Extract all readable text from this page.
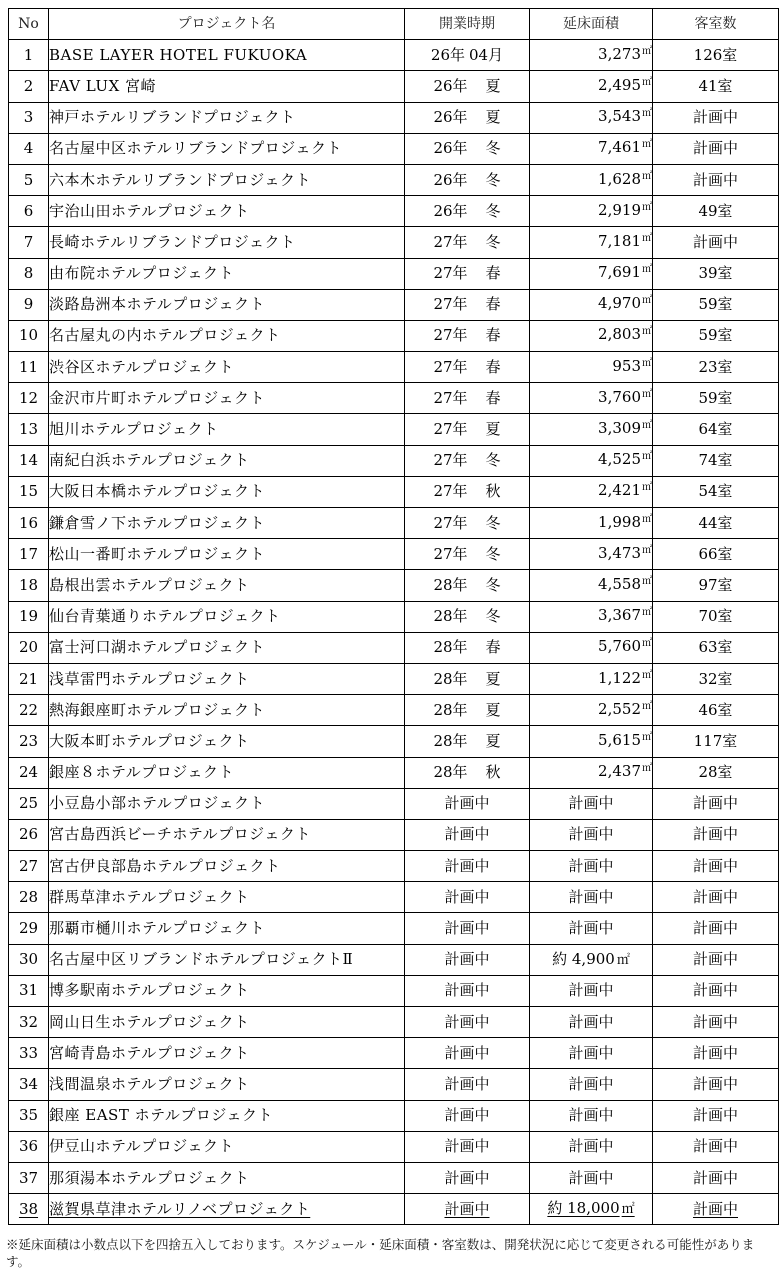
No	プロジェクト名	開業時期	延床面積	客室数
1	BASE LAYER HOTEL FUKUOKA	26年 04月	3,273㎡	126室
2	FAV LUX 宮崎	26年 夏	2,495㎡	41室
3	神戸ホテルリブランドプロジェクト	26年 夏	3,543㎡	計画中
4	名古屋中区ホテルリブランドプロジェクト	26年 冬	7,461㎡	計画中
5	六本木ホテルリブランドプロジェクト	26年 冬	1,628㎡	計画中
6	宇治山田ホテルプロジェクト	26年 冬	2,919㎡	49室
7	長崎ホテルリブランドプロジェクト	27年 冬	7,181㎡	計画中
8	由布院ホテルプロジェクト	27年 春	7,691㎡	39室
9	淡路島洲本ホテルプロジェクト	27年 春	4,970㎡	59室
10	名古屋丸の内ホテルプロジェクト	27年 春	2,803㎡	59室
11	渋谷区ホテルプロジェクト	27年 春	953㎡	23室
12	金沢市片町ホテルプロジェクト	27年 春	3,760㎡	59室
13	旭川ホテルプロジェクト	27年 夏	3,309㎡	64室
14	南紀白浜ホテルプロジェクト	27年 冬	4,525㎡	74室
15	大阪日本橋ホテルプロジェクト	27年 秋	2,421㎡	54室
16	鎌倉雪ノ下ホテルプロジェクト	27年 冬	1,998㎡	44室
17	松山一番町ホテルプロジェクト	27年 冬	3,473㎡	66室
18	島根出雲ホテルプロジェクト	28年 冬	4,558㎡	97室
19	仙台青葉通りホテルプロジェクト	28年 冬	3,367㎡	70室
20	富士河口湖ホテルプロジェクト	28年 春	5,760㎡	63室
21	浅草雷門ホテルプロジェクト	28年 夏	1,122㎡	32室
22	熱海銀座町ホテルプロジェクト	28年 夏	2,552㎡	46室
23	大阪本町ホテルプロジェクト	28年 夏	5,615㎡	117室
24	銀座８ホテルプロジェクト	28年 秋	2,437㎡	28室
25	小豆島小部ホテルプロジェクト	計画中	計画中	計画中
26	宮古島西浜ビーチホテルプロジェクト	計画中	計画中	計画中
27	宮古伊良部島ホテルプロジェクト	計画中	計画中	計画中
28	群馬草津ホテルプロジェクト	計画中	計画中	計画中
29	那覇市樋川ホテルプロジェクト	計画中	計画中	計画中
30	名古屋中区リブランドホテルプロジェクトⅡ	計画中	約 4,900 ㎡	計画中
31	博多駅南ホテルプロジェクト	計画中	計画中	計画中
32	岡山日生ホテルプロジェクト	計画中	計画中	計画中
33	宮崎青島ホテルプロジェクト	計画中	計画中	計画中
34	浅間温泉ホテルプロジェクト	計画中	計画中	計画中
35	銀座 EAST ホテルプロジェクト	計画中	計画中	計画中
36	伊豆山ホテルプロジェクト	計画中	計画中	計画中
37	那須湯本ホテルプロジェクト	計画中	計画中	計画中
38	滋賀県草津ホテルリノベプロジェクト	計画中	約 18,000 ㎡	計画中
※延床面積は小数点以下を四捨五入しております。スケジュール・延床面積・客室数は、開発状況に応じて変更される可能性があります。
